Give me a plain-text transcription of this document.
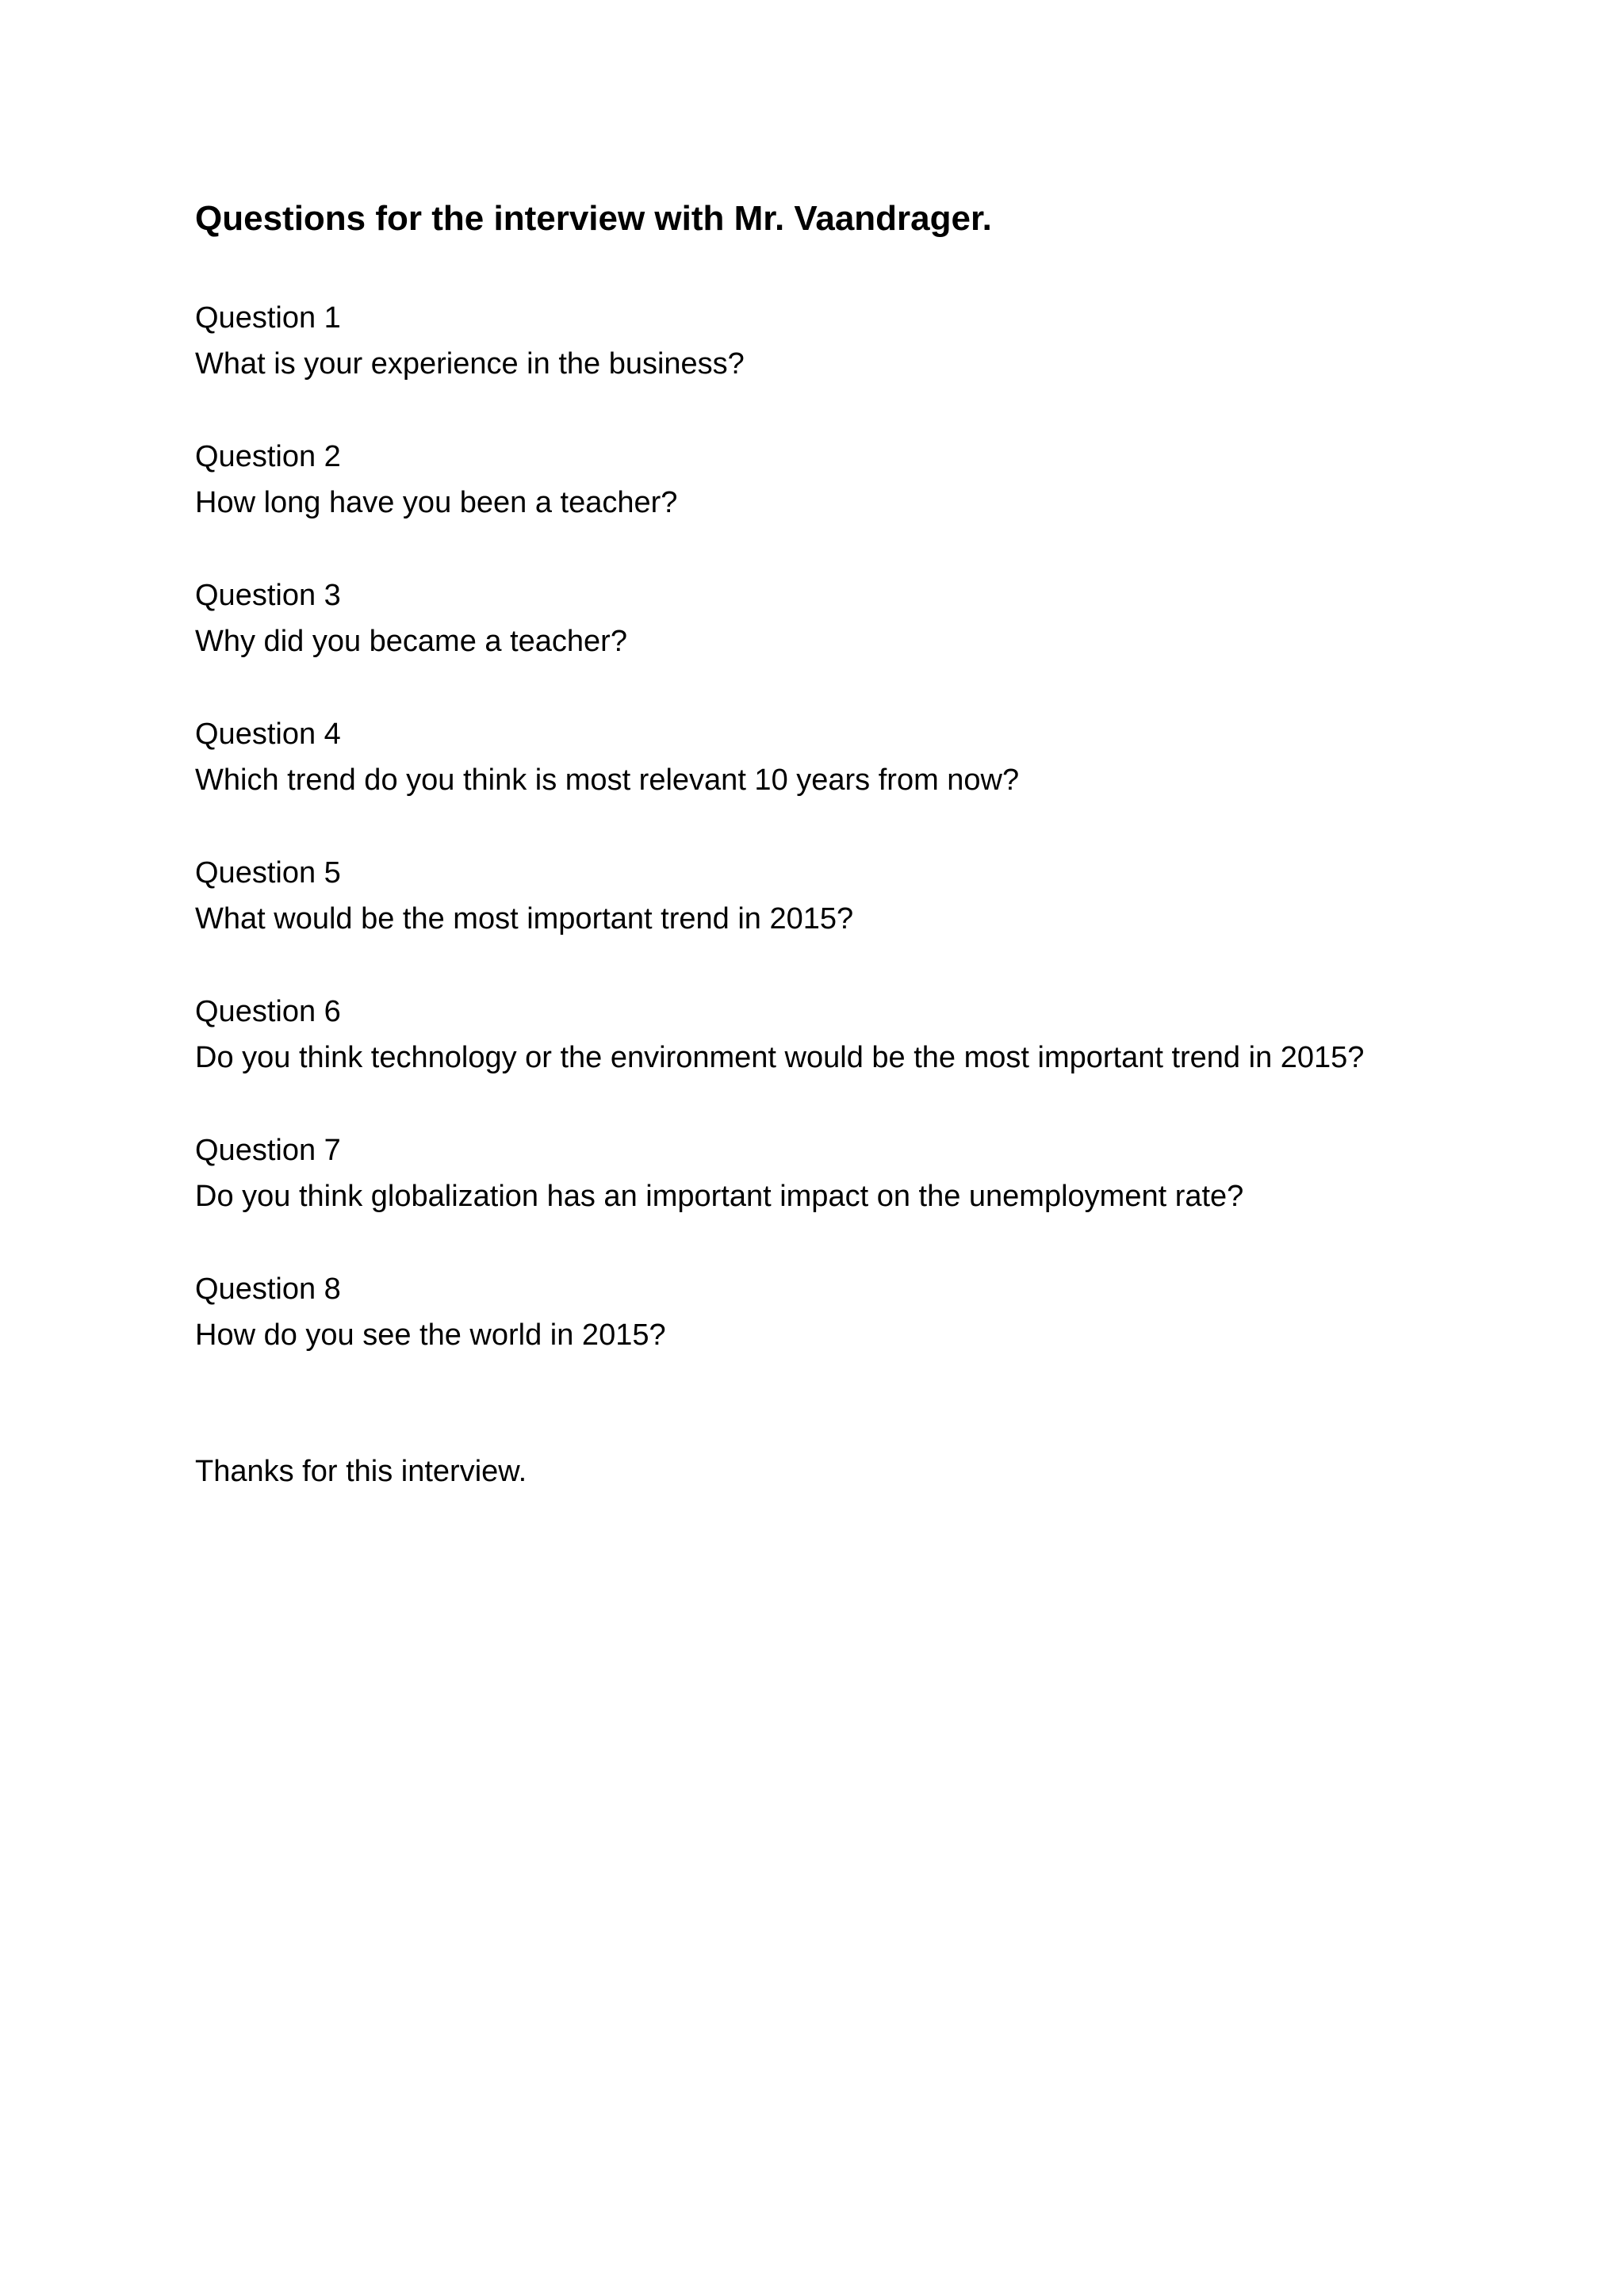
Questions for the interview with Mr. Vaandrager.
Question 1
What is your experience in the business?
Question 2
How long have you been a teacher?
Question 3
Why did you became a teacher?
Question 4
Which trend do you think is most relevant 10 years from now?
Question 5
What would be the most important trend in 2015?
Question 6
Do you think technology or the environment would be the most important trend in 2015?
Question 7
Do you think globalization has an important impact on the unemployment rate?
Question 8
How do you see the world in 2015?
Thanks for this interview.
